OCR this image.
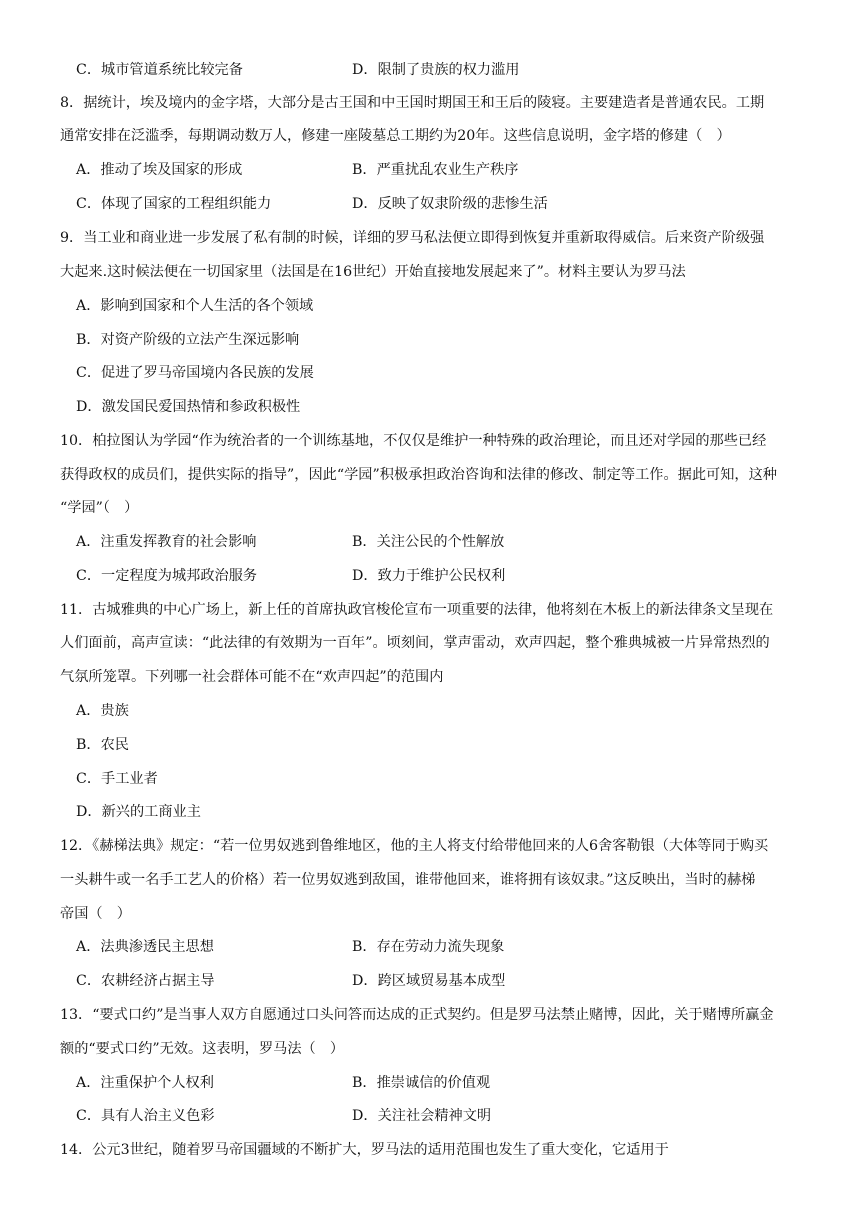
C．城市管道系统比较完备	D．限制了贵族的权力滥用
8．据统计，埃及境内的金字塔，大部分是古王国和中王国时期国王和王后的陵寝。主要建造者是普通农民。工期
通常安排在泛滥季，每期调动数万人，修建一座陵墓总工期约为20年。这些信息说明，金字塔的修建（　）
A．推动了埃及国家的形成	B．严重扰乱农业生产秩序
C．体现了国家的工程组织能力	D．反映了奴隶阶级的悲惨生活
9．当工业和商业进一步发展了私有制的时候，详细的罗马私法便立即得到恢复并重新取得威信。后来资产阶级强
大起来.这时候法便在一切国家里（法国是在16世纪）开始直接地发展起来了”。材料主要认为罗马法
A．影响到国家和个人生活的各个领域
B．对资产阶级的立法产生深远影响
C．促进了罗马帝国境内各民族的发展
D．激发国民爱国热情和参政积极性
10．柏拉图认为学园“作为统治者的一个训练基地，不仅仅是维护一种特殊的政治理论，而且还对学园的那些已经
获得政权的成员们，提供实际的指导”，因此“学园”积极承担政治咨询和法律的修改、制定等工作。据此可知，这种
“学园”（　）
A．注重发挥教育的社会影响	B．关注公民的个性解放
C．一定程度为城邦政治服务	D．致力于维护公民权利
11．古城雅典的中心广场上，新上任的首席执政官梭伦宣布一项重要的法律，他将刻在木板上的新法律条文呈现在
人们面前，高声宣读：“此法律的有效期为一百年”。顷刻间，掌声雷动，欢声四起，整个雅典城被一片异常热烈的
气氛所笼罩。下列哪一社会群体可能不在“欢声四起”的范围内
A．贵族
B．农民
C．手工业者
D．新兴的工商业主
12．《赫梯法典》规定：“若一位男奴逃到鲁维地区，他的主人将支付给带他回来的人6舍客勒银（大体等同于购买
一头耕牛或一名手工艺人的价格）若一位男奴逃到敌国，谁带他回来，谁将拥有该奴隶。”这反映出，当时的赫梯
帝国（　）
A．法典渗透民主思想	B．存在劳动力流失现象
C．农耕经济占据主导	D．跨区域贸易基本成型
13．“要式口约”是当事人双方自愿通过口头问答而达成的正式契约。但是罗马法禁止赌博，因此，关于赌博所赢金
额的“要式口约”无效。这表明，罗马法（　）
A．注重保护个人权利	B．推崇诚信的价值观
C．具有人治主义色彩	D．关注社会精神文明
14．公元3世纪，随着罗马帝国疆域的不断扩大，罗马法的适用范围也发生了重大变化，它适用于
